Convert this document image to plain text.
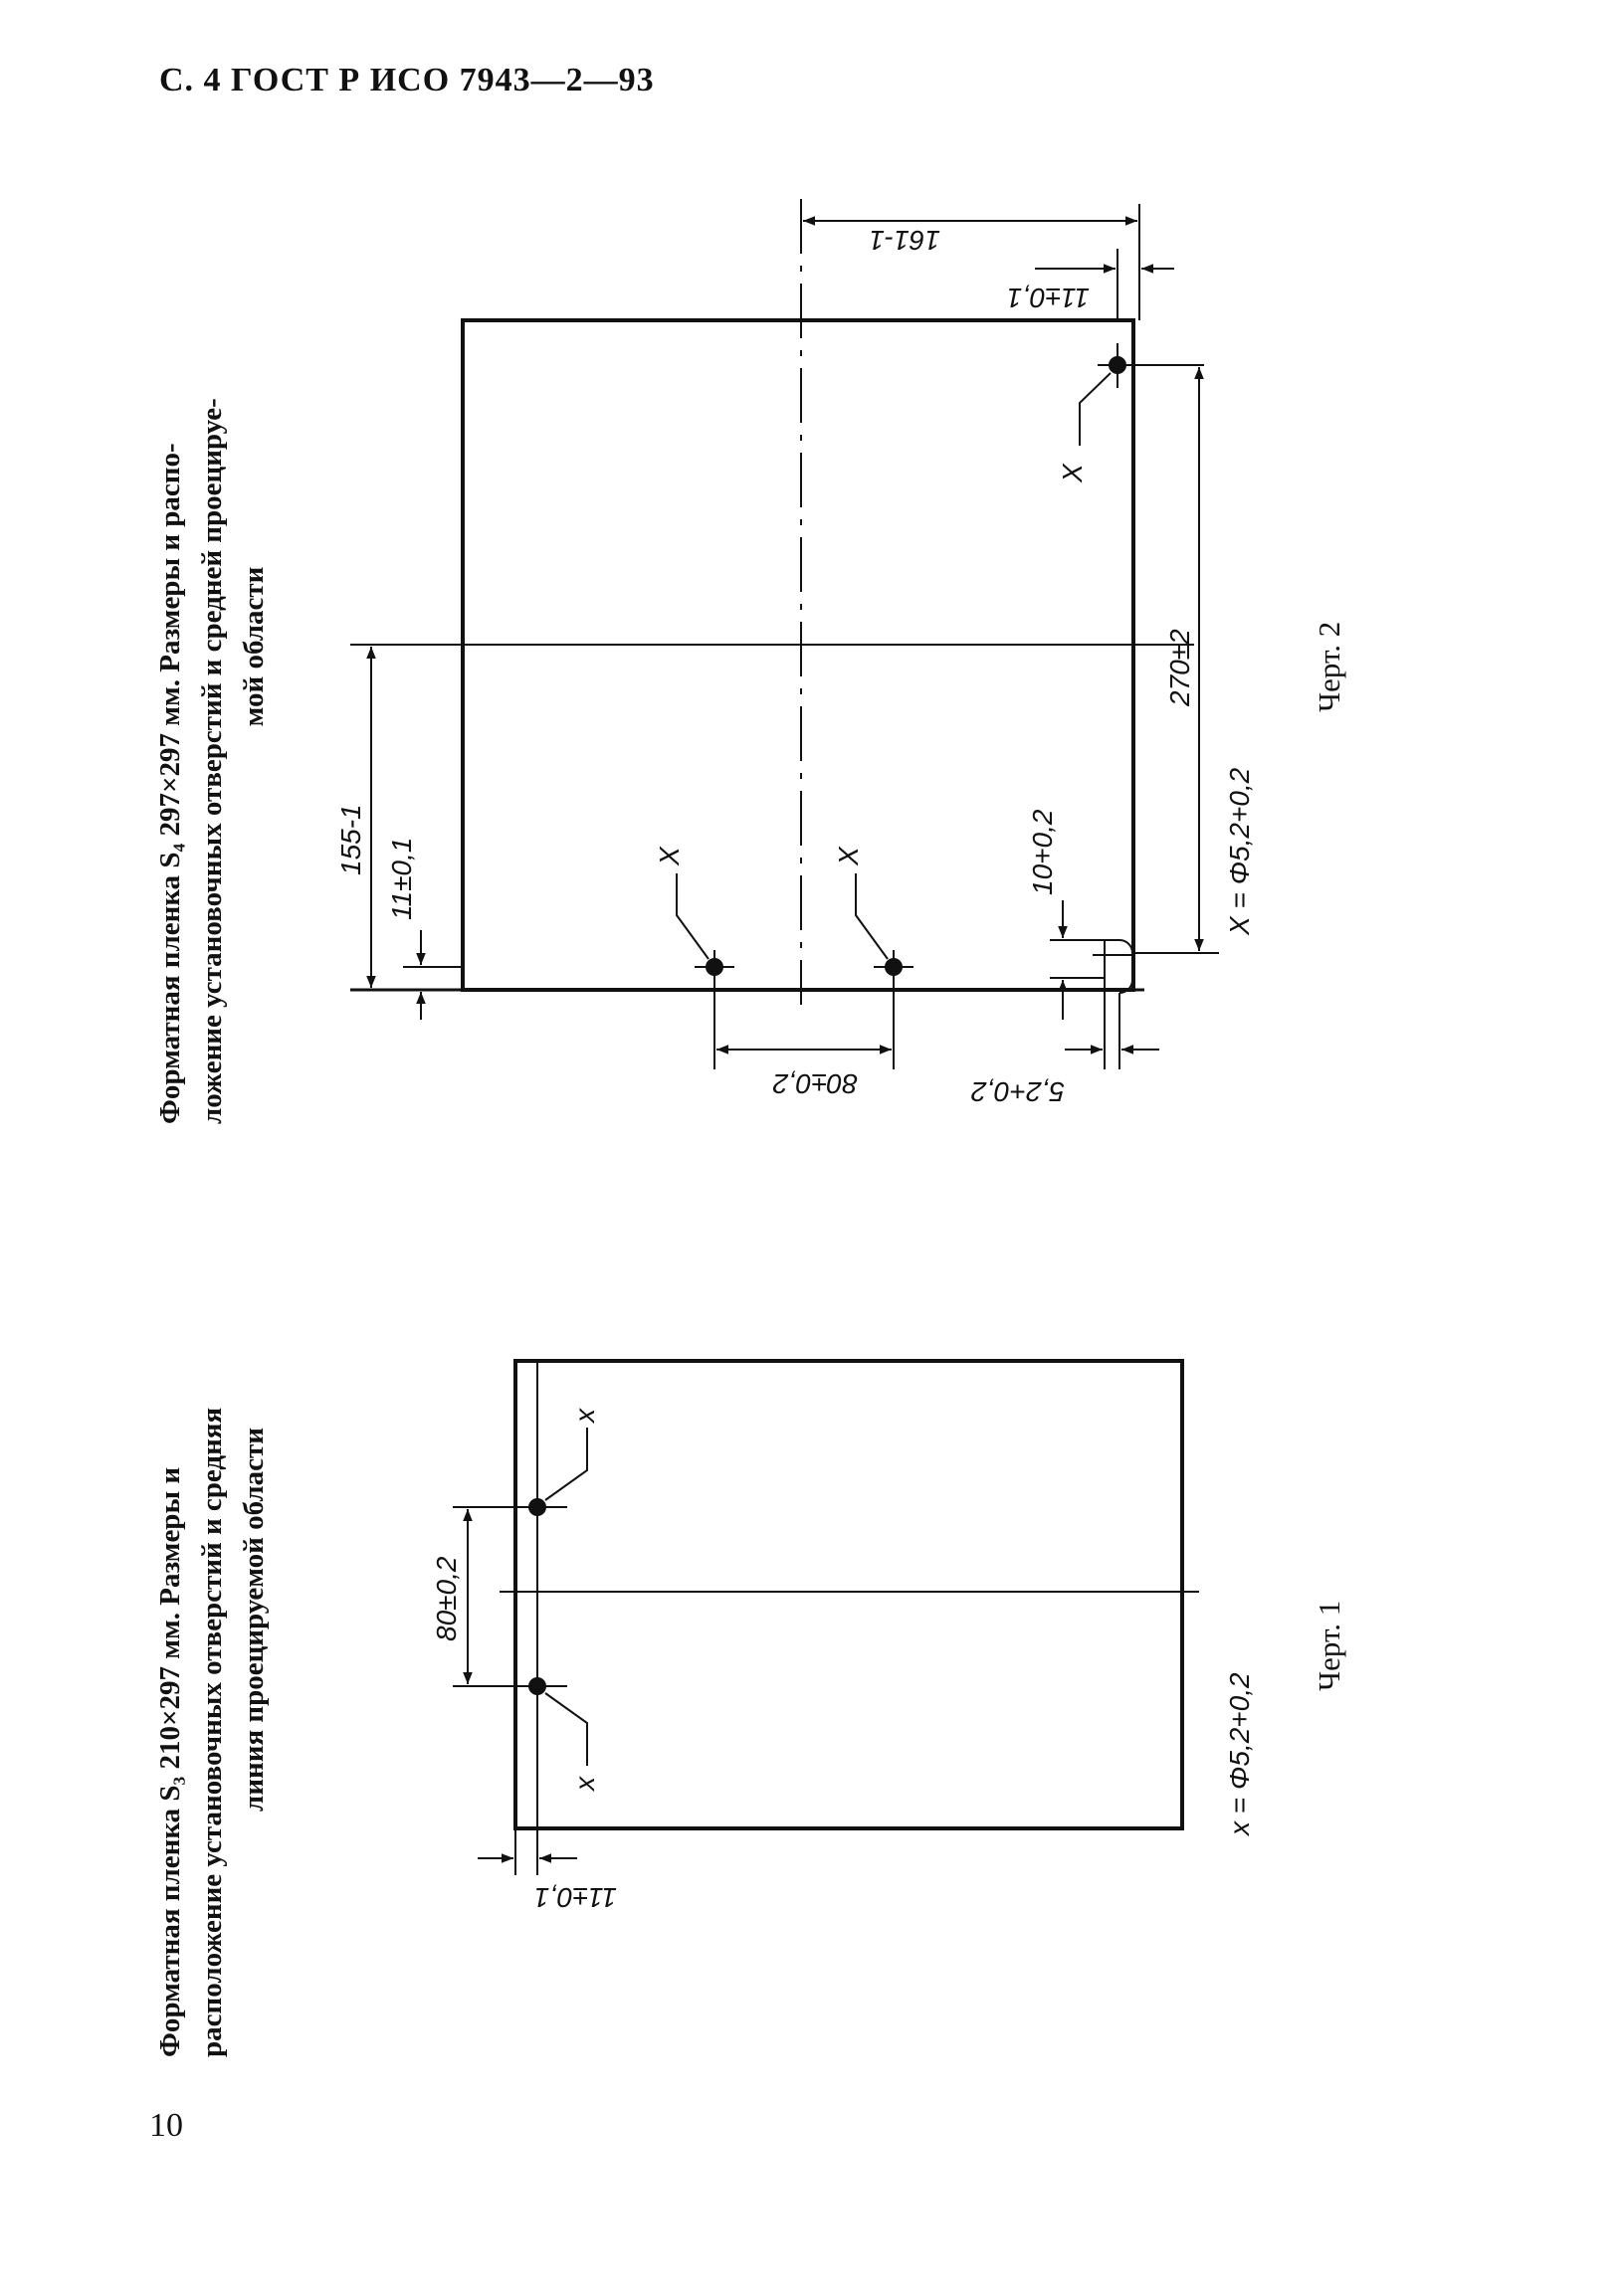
С. 4 ГОСТ Р ИСО 7943—2—93
10
Форматная пленка S₄ 297×297 мм. Размеры и распо- ложение установочных отверстий и средней проецируе- мой области
Форматная пленка S₃ 210×297 мм. Размеры и расположение установочных отверстий и средняя линия проецируемой области
Черт. 2
Черт. 1
161-1
11±0,1
155-1 11±0,1	X	X
X
80±0,2	5,2+0,2
10+0,2
270±2
X = Φ5,2+0,2
80±0,2
11±0,1
x
x	x = Φ5,2+0,2
